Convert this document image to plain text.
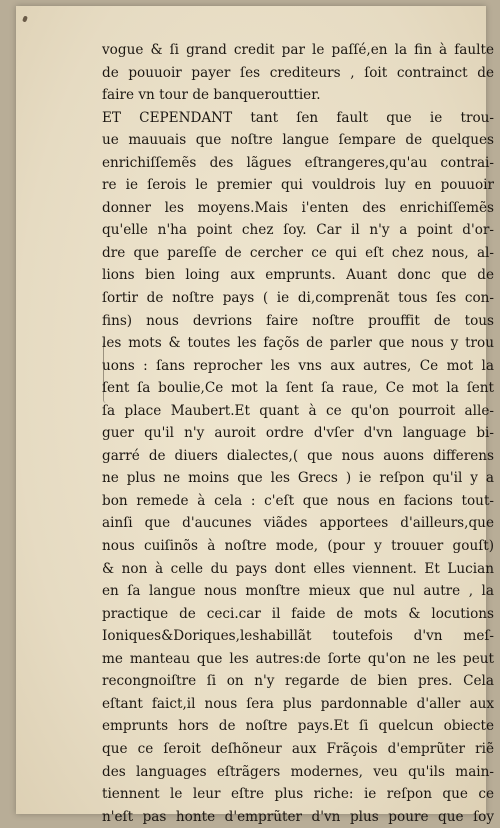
vogue & ſi grand credit par le paſſé,en la fin à faulte
de pouuoir payer ſes crediteurs , ſoit contrainct de
faire vn tour de banquerouttier.
ET CEPENDANT tant ſen fault que ie trou-
ue mauuais que noſtre langue ſempare de quelques
enrichiſſemẽs des lãgues eſtrangeres,qu'au contrai-
re ie ſerois le premier qui vouldrois luy en pouuoir
donner les moyens.Mais i'enten des enrichiſſemẽs
qu'elle n'ha point chez ſoy. Car il n'y a point d'or-
dre que pareſſe de cercher ce qui eſt chez nous, al-
lions bien loing aux emprunts. Auant donc que de
ſortir de noſtre pays ( ie di,comprenãt tous ſes con-
fins) nous devrions faire noſtre prouffit de tous
les mots & toutes les façõs de parler que nous y trou
uons : ſans reprocher les vns aux autres, Ce mot la
ſent ſa boulie,Ce mot la ſent ſa raue, Ce mot la ſent
ſa place Maubert.Et quant à ce qu'on pourroit alle-
guer qu'il n'y auroit ordre d'vſer d'vn language bi-
garré de diuers dialectes,( que nous auons differens
ne plus ne moins que les Grecs ) ie reſpon qu'il y a
bon remede à cela : c'eſt que nous en facions tout-
ainſi que d'aucunes viãdes apportees d'ailleurs,que
nous cuiſinõs à noſtre mode, (pour y trouuer gouſt)
& non à celle du pays dont elles viennent. Et Lucian
en ſa langue nous monſtre mieux que nul autre , la
practique de ceci.car il faide de mots & locutions
Ioniques&Doriques,leshabillãt toutefois d'vn meſ-
me manteau que les autres:de ſorte qu'on ne les peut
recongnoiſtre ſi on n'y regarde de bien pres. Cela
eſtant faict,il nous ſera plus pardonnable d'aller aux
emprunts hors de noſtre pays.Et ſi quelcun obiecte
que ce ſeroit deſhõneur aux Frãçois d'emprũter riẽ
des languages eſtrãgers modernes, veu qu'ils main-
tiennent le leur eſtre plus riche: ie reſpon que ce
n'eſt pas honte d'emprũter d'vn plus poure que ſoy
